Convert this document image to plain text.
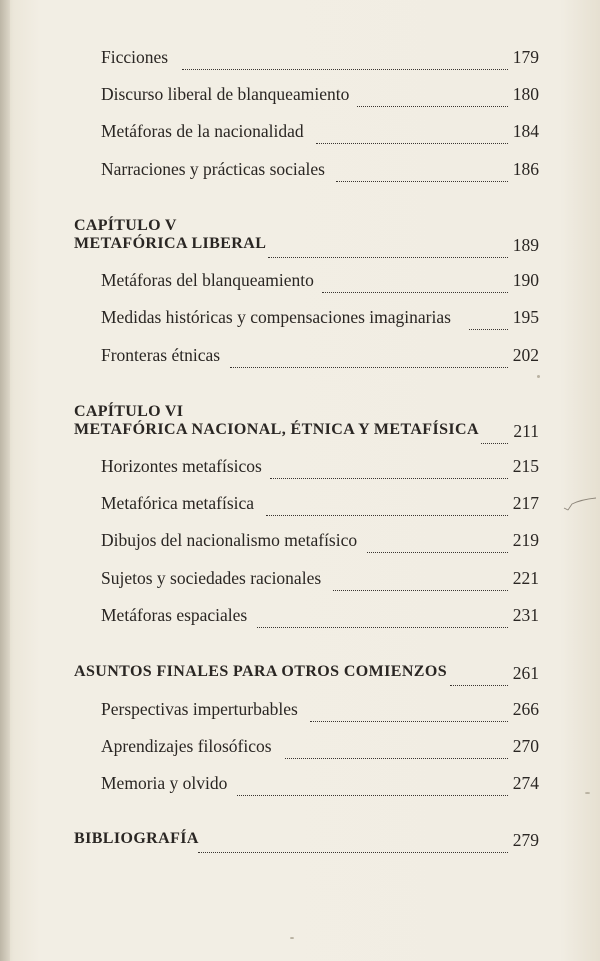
Ficciones	179
Discurso liberal de blanqueamiento	180
Metáforas de la nacionalidad	184
Narraciones y prácticas sociales	186
CAPÍTULO V
METAFÓRICA LIBERAL	189
Metáforas del blanqueamiento	190
Medidas históricas y compensaciones imaginarias	195
Fronteras étnicas	202
CAPÍTULO VI
METAFÓRICA NACIONAL, ÉTNICA Y METAFÍSICA 211
Horizontes metafísicos	215
Metafórica metafísica	217
Dibujos del nacionalismo metafísico	219
Sujetos y sociedades racionales	221
Metáforas espaciales	231
ASUNTOS FINALES PARA OTROS COMIENZOS	261
Perspectivas imperturbables	266
Aprendizajes filosóficos	270
Memoria y olvido	274
BIBLIOGRAFÍA	279
